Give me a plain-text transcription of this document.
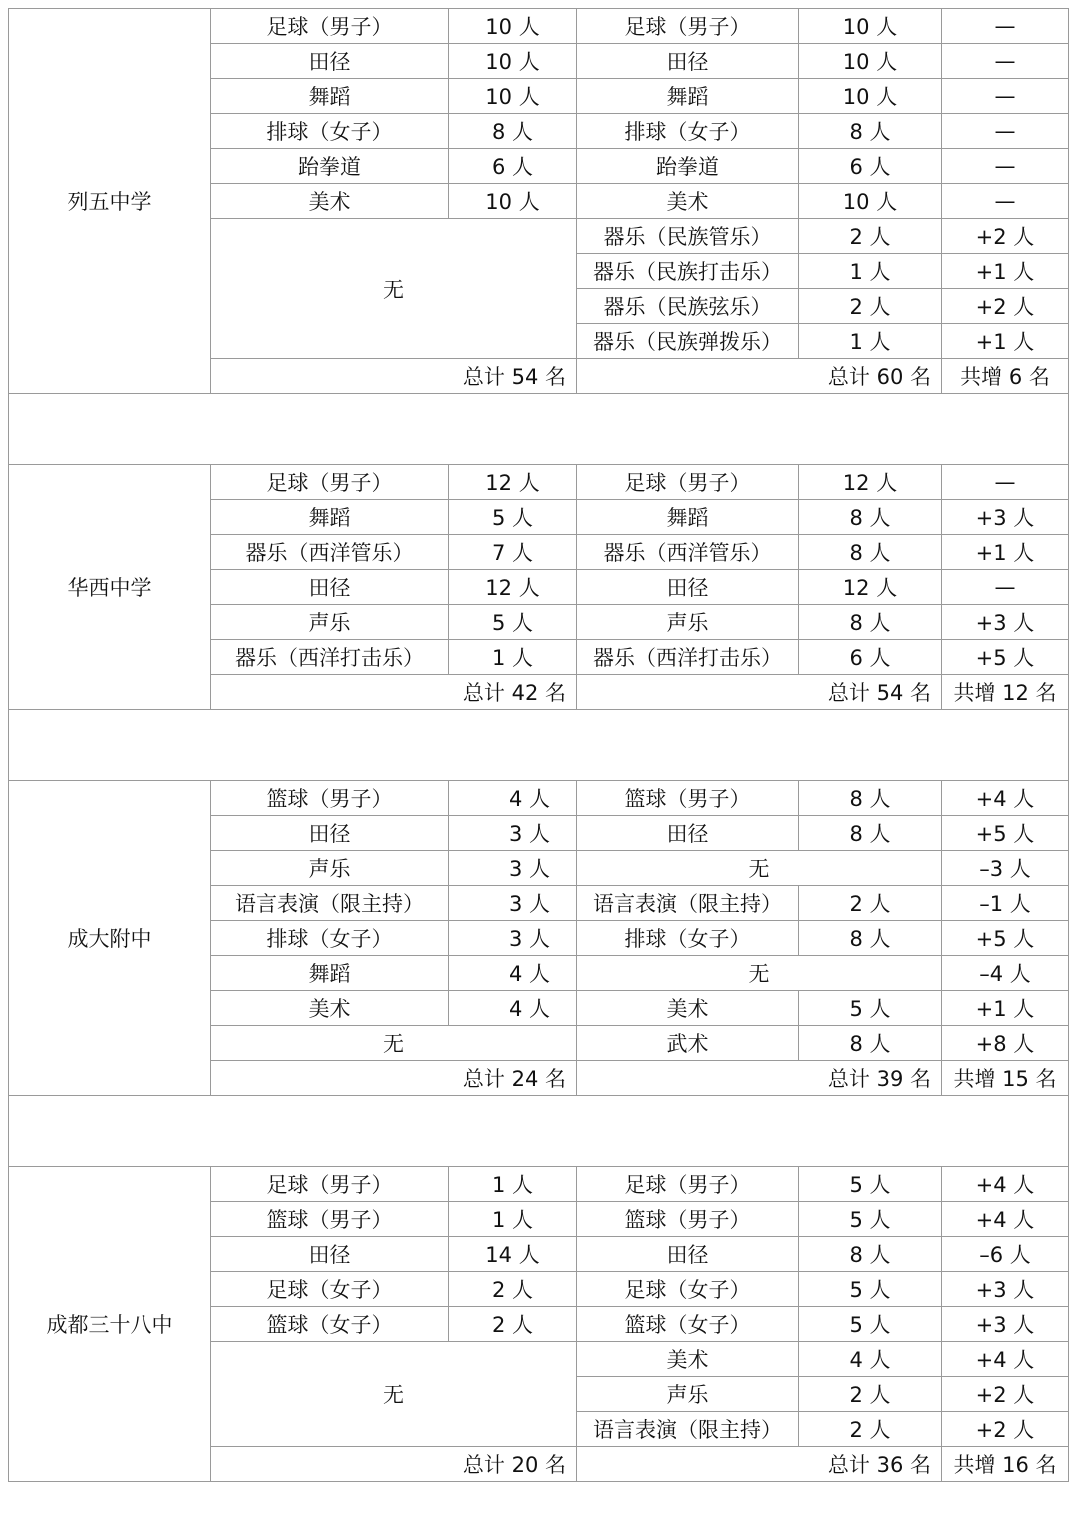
列五中学	足球（男子）	10 人	足球（男子）	10 人	—
	田径	10 人	田径	10 人	—
	舞蹈	10 人	舞蹈	10 人	—
	排球（女子）	8 人	排球（女子）	8 人	—
	跆拳道	6 人	跆拳道	6 人	—
	美术	10 人	美术	10 人	—
	无		器乐（民族管乐）	2 人	+2 人
			器乐（民族打击乐）	1 人	+1 人
			器乐（民族弦乐）	2 人	+2 人
			器乐（民族弹拨乐）	1 人	+1 人
	总计 54 名		总计 60 名		共增 6 名

华西中学	足球（男子）	12 人	足球（男子）	12 人	—
	舞蹈	5 人	舞蹈	8 人	+3 人
	器乐（西洋管乐）	7 人	器乐（西洋管乐）	8 人	+1 人
	田径	12 人	田径	12 人	—
	声乐	5 人	声乐	8 人	+3 人
	器乐（西洋打击乐）	1 人	器乐（西洋打击乐）	6 人	+5 人
	总计 42 名		总计 54 名		共增 12 名

成大附中	篮球（男子）	4 人	篮球（男子）	8 人	+4 人
	田径	3 人	田径	8 人	+5 人
	声乐	3 人	无		–3 人
	语言表演（限主持）	3 人	语言表演（限主持）	2 人	–1 人
	排球（女子）	3 人	排球（女子）	8 人	+5 人
	舞蹈	4 人	无		–4 人
	美术	4 人	美术	5 人	+1 人
	无		武术	8 人	+8 人
	总计 24 名		总计 39 名		共增 15 名

成都三十八中	足球（男子）	1 人	足球（男子）	5 人	+4 人
	篮球（男子）	1 人	篮球（男子）	5 人	+4 人
	田径	14 人	田径	8 人	–6 人
	足球（女子）	2 人	足球（女子）	5 人	+3 人
	篮球（女子）	2 人	篮球（女子）	5 人	+3 人
	无		美术	4 人	+4 人
			声乐	2 人	+2 人
			语言表演（限主持）	2 人	+2 人
	总计 20 名		总计 36 名		共增 16 名
